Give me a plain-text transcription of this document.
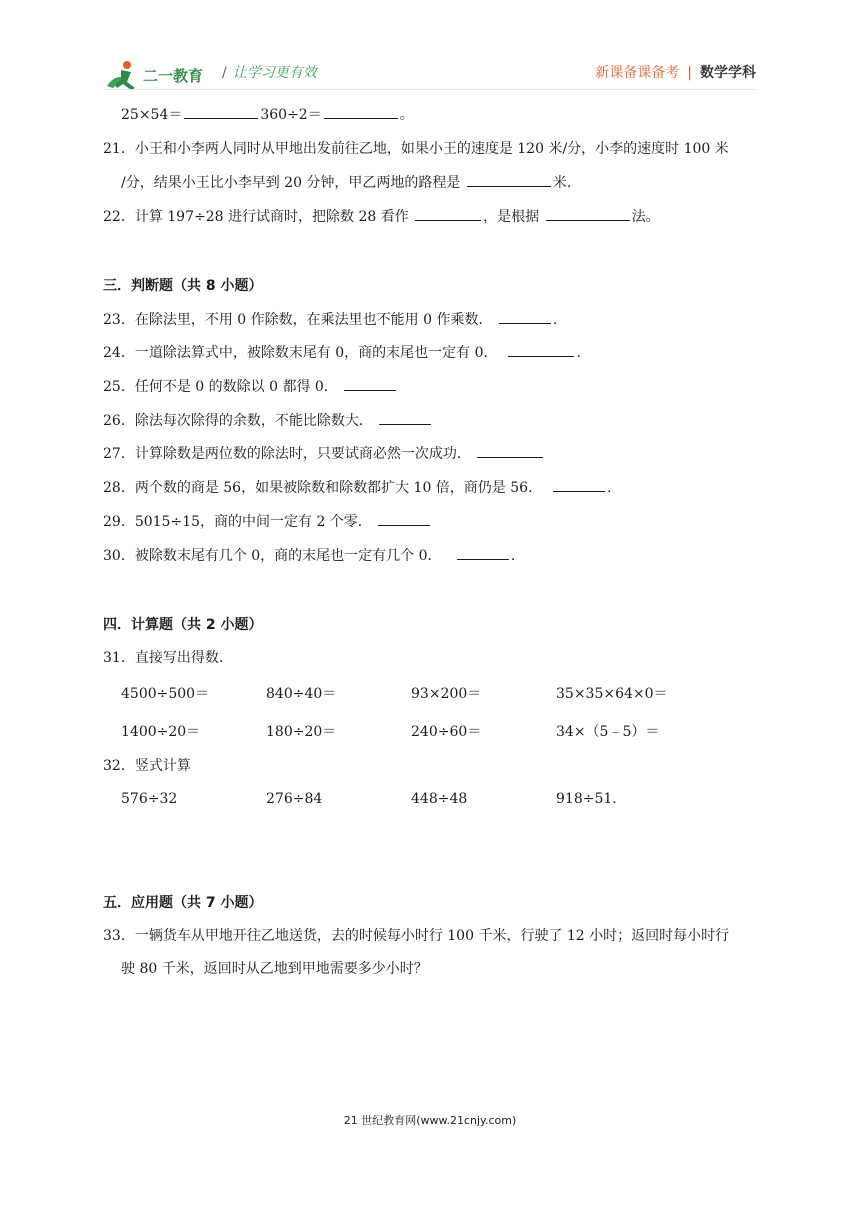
二一教育 / 让学习更有效	新课备课备考 | 数学学科
25×54＝	360÷2＝	。
21．小王和小李两人同时从甲地出发前往乙地，如果小王的速度是 120 米/分，小李的速度时 100 米
/分，结果小王比小李早到 20 分钟，甲乙两地的路程是	米.
22．计算 197÷28 进行试商时，把除数 28 看作	，是根据	法。
三．判断题（共 8 小题）
23．在除法里，不用 0 作除数，在乘法里也不能用 0 作乘数．	.
24．一道除法算式中，被除数末尾有 0，商的末尾也一定有 0．	.
25．任何不是 0 的数除以 0 都得 0．
26．除法每次除得的余数，不能比除数大．
27．计算除数是两位数的除法时，只要试商必然一次成功．
28．两个数的商是 56，如果被除数和除数都扩大 10 倍，商仍是 56．	.
29．5015÷15，商的中间一定有 2 个零．
30．被除数末尾有几个 0，商的末尾也一定有几个 0．	.
四．计算题（共 2 小题）
31．直接写出得数.
4500÷500＝	840÷40＝	93×200＝	35×35×64×0＝
1400÷20＝	180÷20＝	240÷60＝	34×（5﹣5）＝
32．竖式计算
576÷32	276÷84	448÷48	918÷51.
五．应用题（共 7 小题）
33．一辆货车从甲地开往乙地送货，去的时候每小时行 100 千米，行驶了 12 小时；返回时每小时行
驶 80 千米，返回时从乙地到甲地需要多少小时？
21 世纪教育网(www.21cnjy.com)
